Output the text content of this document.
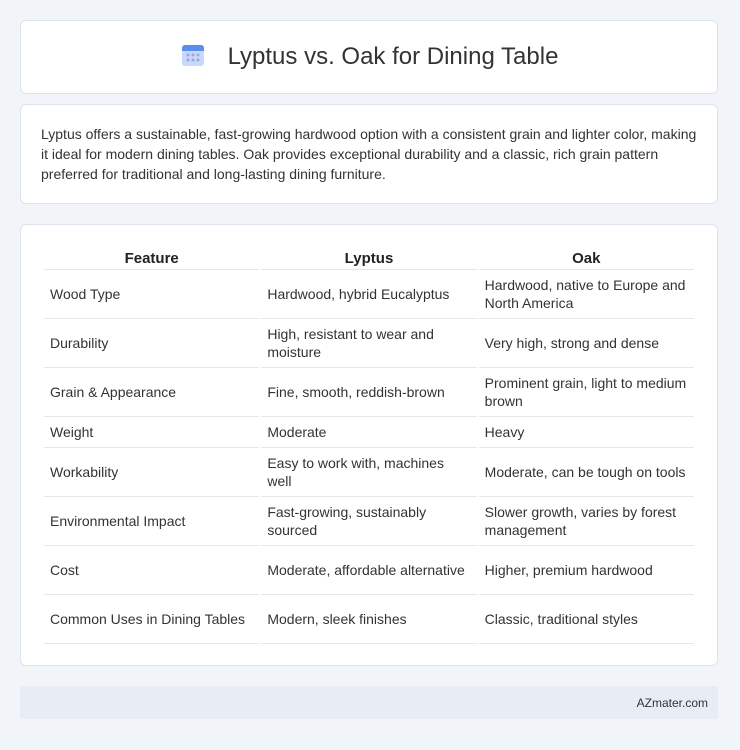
Lyptus vs. Oak for Dining Table

Lyptus offers a sustainable, fast-growing hardwood option with a consistent grain and lighter color, making it ideal for modern dining tables. Oak provides exceptional durability and a classic, rich grain pattern preferred for traditional and long-lasting dining furniture.

Feature	Lyptus	Oak
Wood Type	Hardwood, hybrid Eucalyptus	Hardwood, native to Europe and North America
Durability	High, resistant to wear and moisture	Very high, strong and dense
Grain & Appearance	Fine, smooth, reddish-brown	Prominent grain, light to medium brown
Weight	Moderate	Heavy
Workability	Easy to work with, machines well	Moderate, can be tough on tools
Environmental Impact	Fast-growing, sustainably sourced	Slower growth, varies by forest management
Cost	Moderate, affordable alternative	Higher, premium hardwood
Common Uses in Dining Tables	Modern, sleek finishes	Classic, traditional styles
AZmater.com
